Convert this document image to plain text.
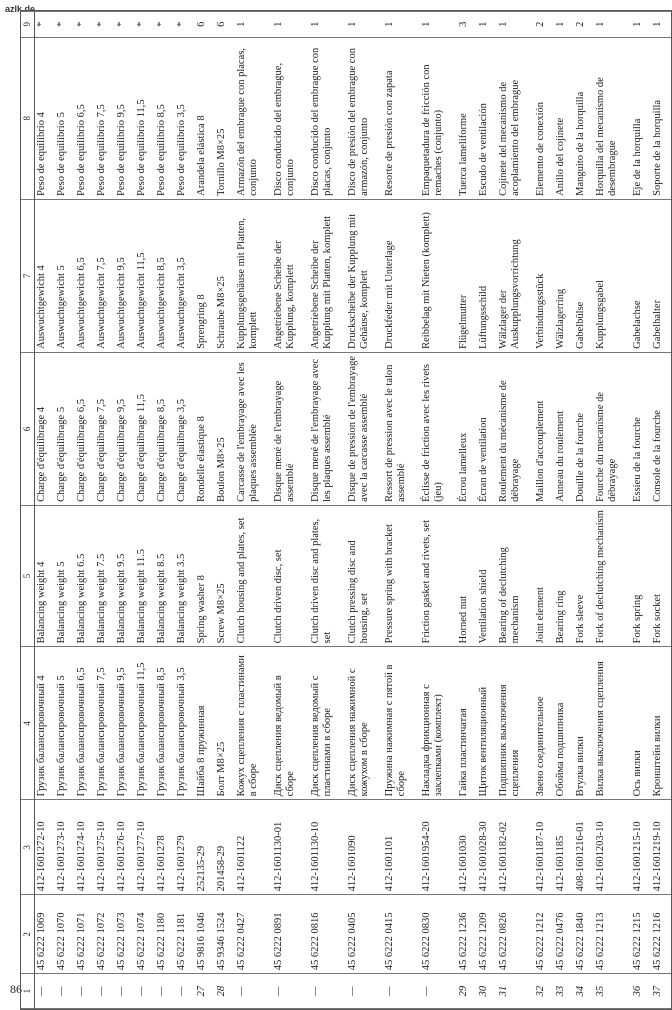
azlk.de
86 1	2	3	4	5	6	7	8	9
—	45 6222 1069	412-1601272-10	Грузик балансировочный 4	Balancing weight 4	Charge d'équilibrage 4	Auswuchtgewicht 4	Peso de equilibrio 4	*
—	45 6222 1070	412-1601273-10	Грузик балансировочный 5	Balancing weight 5	Charge d'équilibrage 5	Auswuchtgewicht 5	Peso de equilibrio 5	*
—	45 6222 1071	412-1601274-10	Грузик балансировочный 6,5	Balancing weight 6.5	Charge d'équilibrage 6,5	Auswuchtgewicht 6,5	Peso de equilibrio 6,5	*
—	45 6222 1072	412-1601275-10	Грузик балансировочный 7,5	Balancing weight 7.5	Charge d'équilibrage 7,5	Auswuchtgewicht 7,5	Peso de equilibrio 7,5	*
—	45 6222 1073	412-1601276-10	Грузик балансировочный 9,5	Balancing weight 9.5	Charge d'équilibrage 9,5	Auswuchtgewicht 9,5	Peso de equilibrio 9,5	*
—	45 6222 1074	412-1601277-10	Грузик балансировочный 11,5	Balancing weight 11.5	Charge d'équilibrage 11,5	Auswuchtgewicht 11,5	Peso de equilibrio 11,5	*
—	45 6222 1180	412-1601278	Грузик балансировочный 8,5	Balancing weight 8.5	Charge d'équilibrage 8,5	Auswuchtgewicht 8,5	Peso de equilibrio 8,5	*
—	45 6222 1181	412-1601279	Грузик балансировочный 3,5	Balancing weight 3.5	Charge d'équilibrage 3,5	Auswuchtgewicht 3,5	Peso de equilibrio 3,5	*
27	45 9816 1046	252135-29	Шайба 8 пружинная	Spring washer 8	Rondelle élastique 8	Sprengring 8	Arandela elástica 8	6
28	45 9346 1524	201458-29	Болт M8×25	Screw M8×25	Boulon M8×25	Schraube M8×25	Tornillo M8×25	6
—	45 6222 0427	412-1601122	Кожух сцепления с пластинами в сборе	Clutch housing and plates, set	Carcasse de l'embrayage avec les plaques assemblée	Kupplungsgehäuse mit Platten, komplett	Armazón del embrague con placas, conjunto	1
—	45 6222 0891	412-1601130-01	Диск сцепления ведомый в сборе	Clutch driven disc, set	Disque mené de l'embrayage assemblé	Angetriebene Scheibe der Kupplung, komplett	Disco conducido del embrague, conjunto	1
—	45 6222 0816	412-1601130-10	Диск сцепления ведомый с пластинами в сборе	Clutch driven disc and plates, set	Disque mené de l'embrayage avec les plaques assemblé	Angetriebene Scheibe der Kupplung mit Platten, komplett	Disco conducido del embrague con placas, conjunto	1
—	45 6222 0405	412-1601090	Диск сцепления нажимной с кожухом в сборе	Clutch pressing disc and housing, set	Disque de pression de l'embrayage avec la carcasse assemblé	Druckscheibe der Kupplung mit Gehäuse, komplett	Disco de presión del embrague con armazón, conjunto	1
—	45 6222 0415	412-1601101	Пружина нажимная с пятой в сборе	Pressure spring with bracket	Ressort de pression avec le talon assemblé	Druckfeder mit Unterlage	Resorte de presión con zapata	1
—	45 6222 0830	412-1601954-20	Накладка фрикционная с заклепками (комплект)	Friction gasket and rivets, set	Éclisse de friction avec les rivets (jeu)	Reibbelag mit Nieten (komplett)	Empaquetadura de fricción con remaches (conjunto)	1
29	45 6222 1236	412-1601030	Гайка пластинчатая	Horned nut	Écrou lamelleux	Flügelmutter	Tuerca lameliforme	3
30	45 6222 1209	412-1601028-30	Щиток вентиляционный	Ventilation shield	Écran de ventilation	Lüftungsschild	Escudo de ventilación	1
31	45 6222 0826	412-1601182-02	Подшипник выключения сцепления	Bearing of declutching mechanism	Roulement du mécanisme de débrayage	Wälzlager der Auskupplungsvorrichtung	Cojinete del mecanismo de acoplamiento del embrague	1
32	45 6222 1212	412-1601187-10	Звено соединительное	Joint element	Maillon d'accouplement	Verbindungsstück	Elemento de conexión	2
33	45 6222 0476	412-1601185	Обойма подшипника	Bearing ring	Anneau du roulement	Wälzlagerring	Anillo del cojinete	1
34	45 6222 1840	408-1601216-01	Втулка вилки	Fork sleeve	Douille de la fourche	Gabelbülse	Manguito de la horquilla	2
35	45 6222 1213	412-1601203-10	Вилка выключения сцепления	Fork of declutching mechanism	Fourche du mecanisme de débrayage	Kupplungsgabel	Horquilla del mecanismo de desembrague	1
36	45 6222 1215	412-1601215-10	Ось вилки	Fork spring	Essieu de la fourche	Gabelachse	Eje de la horquilla	1
37	45 6222 1216	412-1601219-10	Кронштейн вилки	Fork socket	Console de la fourche	Gabelhalter	Soporte de la horquilla	1
